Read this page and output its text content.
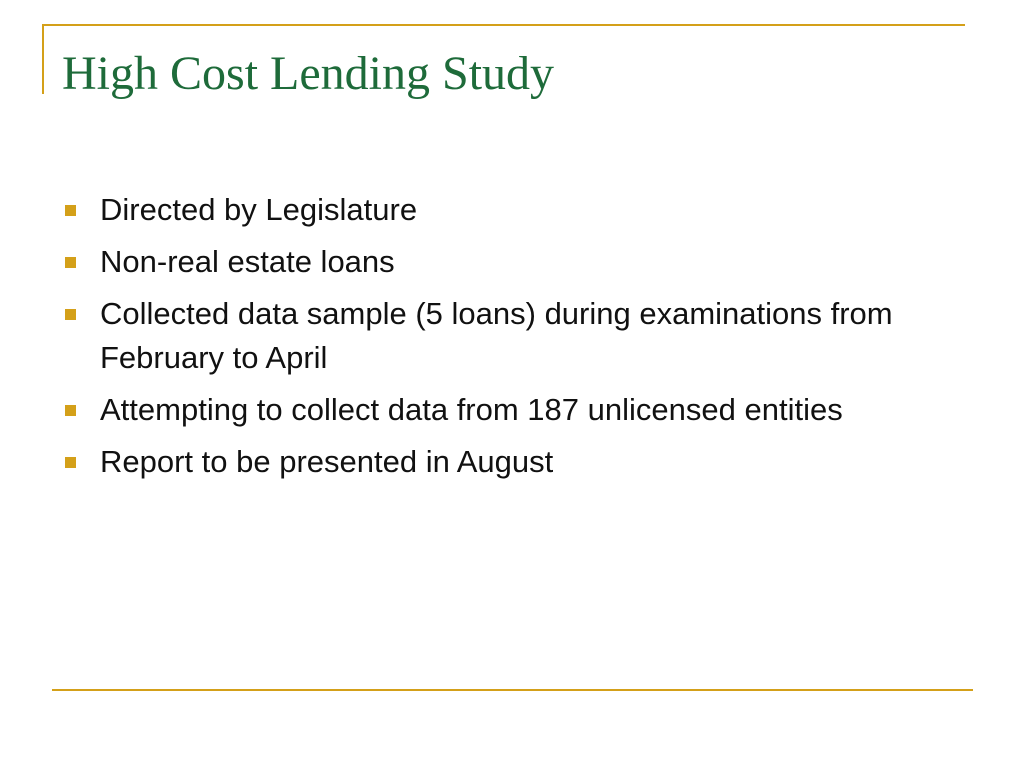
High Cost Lending Study
Directed by Legislature
Non-real estate loans
Collected data sample (5 loans) during examinations from February to April
Attempting to collect data from 187 unlicensed entities
Report to be presented in August
